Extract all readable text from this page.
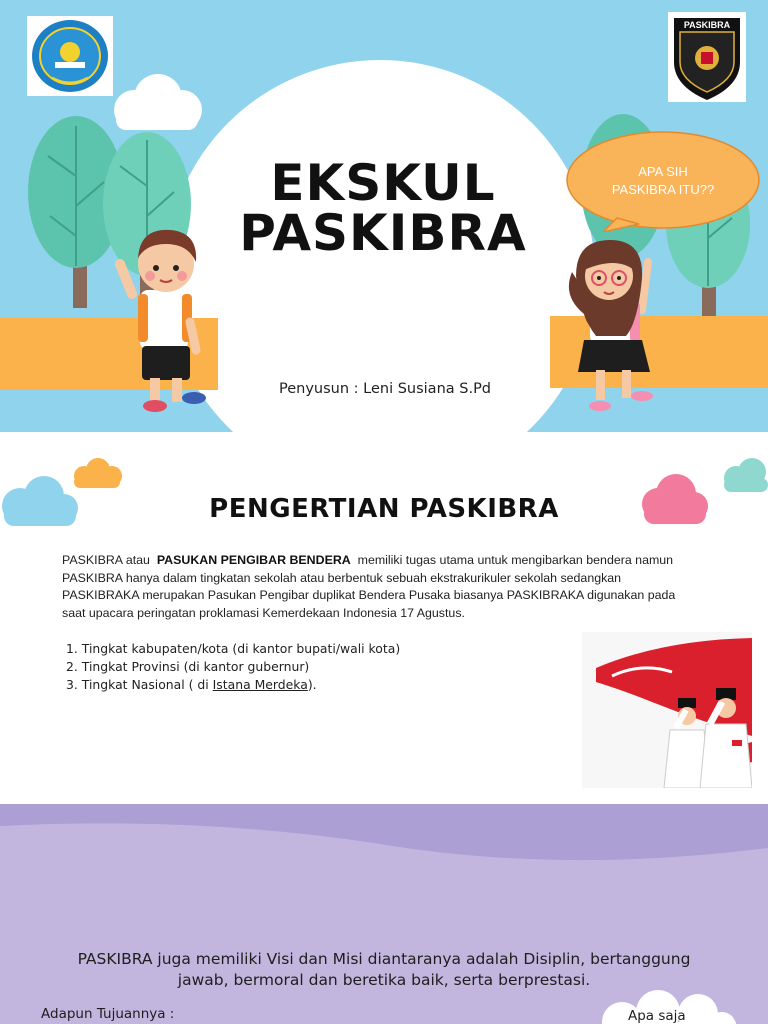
PASKIBRA
EKSKUL
PASKIBRA
Penyusun : Leni Susiana S.Pd
APA SIH
PASKIBRA ITU??
PENGERTIAN PASKIBRA
PASKIBRA atau PASUKAN PENGIBAR BENDERA memiliki tugas utama untuk mengibarkan bendera namun
PASKIBRA hanya dalam tingkatan sekolah atau berbentuk sebuah ekstrakurikuler sekolah sedangkan
PASKIBRAKA merupakan Pasukan Pengibar duplikat Bendera Pusaka biasanya PASKIBRAKA digunakan pada
saat upacara peringatan proklamasi Kemerdekaan Indonesia 17 Agustus.
1. Tingkat kabupaten/kota (di kantor bupati/wali kota)
2. Tingkat Provinsi (di kantor gubernur)
3. Tingkat Nasional ( di Istana Merdeka).
PASKIBRA juga memiliki Visi dan Misi diantaranya adalah Disiplin, bertanggung
jawab, bermoral dan beretika baik, serta berprestasi.
Adapun Tujuannya :	Apa saja
